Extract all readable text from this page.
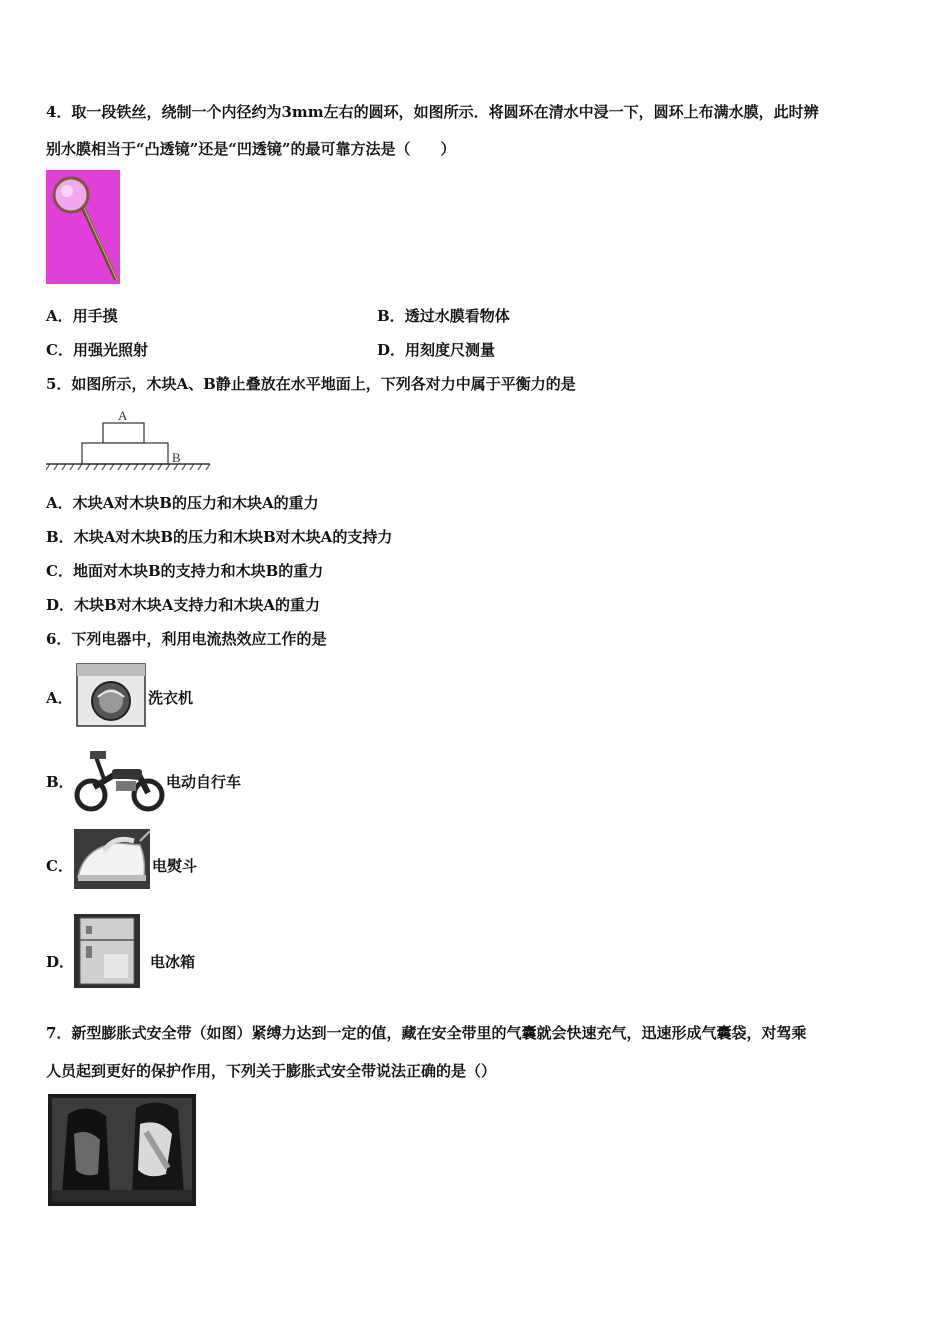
4．取一段铁丝，绕制一个内径约为3mm左右的圆环，如图所示．将圆环在清水中浸一下，圆环上布满水膜，此时辨
别水膜相当于“凸透镜”还是“凹透镜”的最可靠方法是（　　）
A．用手摸	B．透过水膜看物体
C．用强光照射	D．用刻度尺测量
5．如图所示，木块A、B静止叠放在水平地面上，下列各对力中属于平衡力的是
A
B
A．木块A对木块B的压力和木块A的重力
B．木块A对木块B的压力和木块B对木块A的支持力
C．地面对木块B的支持力和木块B的重力
D．木块B对木块A支持力和木块A的重力
6．下列电器中，利用电流热效应工作的是
A．	洗衣机
B．	电动自行车
C．	电熨斗
D．	电冰箱
7．新型膨胀式安全带（如图）紧缚力达到一定的值，藏在安全带里的气囊就会快速充气，迅速形成气囊袋，对驾乘
人员起到更好的保护作用，下列关于膨胀式安全带说法正确的是（）
